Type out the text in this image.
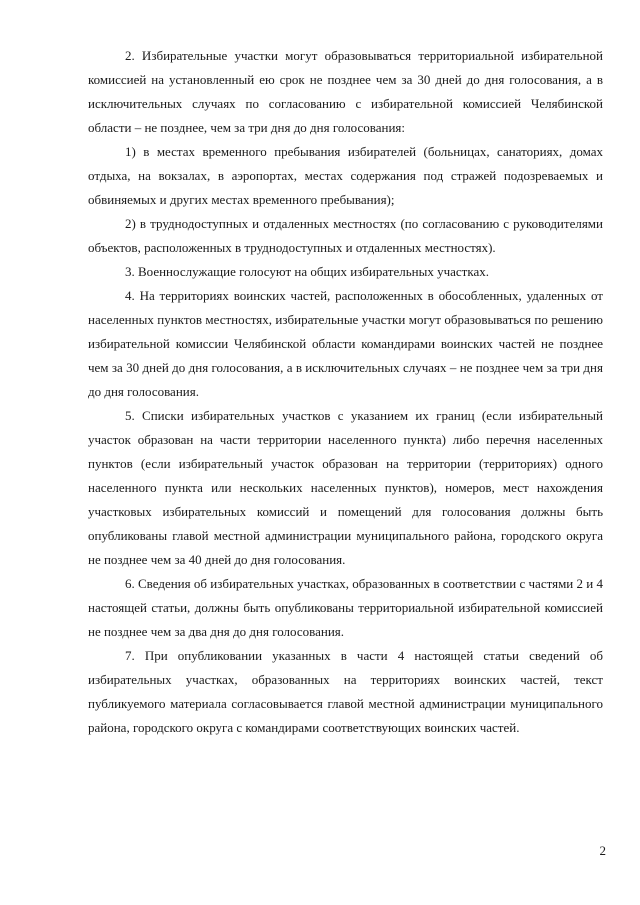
2. Избирательные участки могут образовываться территориальной избирательной комиссией на установленный ею срок не позднее чем за 30 дней до дня голосования, а в исключительных случаях по согласованию с избирательной комиссией Челябинской области – не позднее, чем за три дня до дня голосования:

1) в местах временного пребывания избирателей (больницах, санаториях, домах отдыха, на вокзалах, в аэропортах, местах содержания под стражей подозреваемых и обвиняемых и других местах временного пребывания);

2) в труднодоступных и отдаленных местностях (по согласованию с руководителями объектов, расположенных в труднодоступных и отдаленных местностях).

3. Военнослужащие голосуют на общих избирательных участках.

4. На территориях воинских частей, расположенных в обособленных, удаленных от населенных пунктов местностях, избирательные участки могут образовываться по решению избирательной комиссии Челябинской области командирами воинских частей не позднее чем за 30 дней до дня голосования, а в исключительных случаях – не позднее чем за три дня до дня голосования.

5. Списки избирательных участков с указанием их границ (если избирательный участок образован на части территории населенного пункта) либо перечня населенных пунктов (если избирательный участок образован на территории (территориях) одного населенного пункта или нескольких населенных пунктов), номеров, мест нахождения участковых избирательных комиссий и помещений для голосования должны быть опубликованы главой местной администрации муниципального района, городского округа не позднее чем за 40 дней до дня голосования.

6. Сведения об избирательных участках, образованных в соответствии с частями 2 и 4 настоящей статьи, должны быть опубликованы территориальной избирательной комиссией не позднее чем за два дня до дня голосования.

7. При опубликовании указанных в части 4 настоящей статьи сведений об избирательных участках, образованных на территориях воинских частей, текст публикуемого материала согласовывается главой местной администрации муниципального района, городского округа с командирами соответствующих воинских частей.

2
